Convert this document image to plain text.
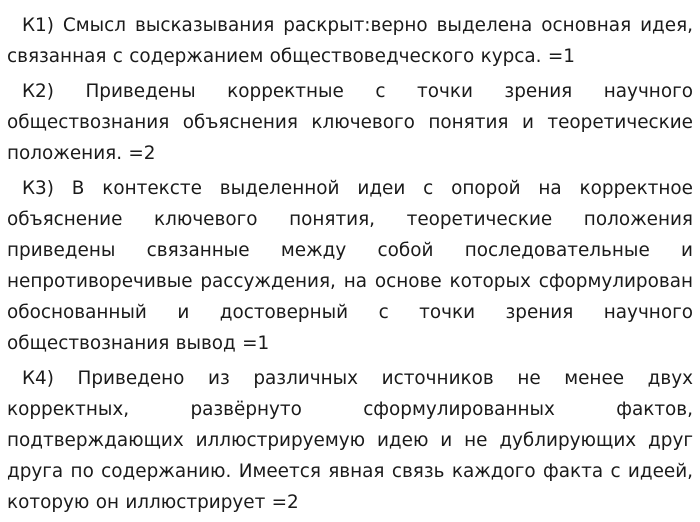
К1) Смысл высказывания раскрыт:верно выделена основная идея, связанная с содержанием обществоведческого курса. =1

К2) Приведены корректные с точки зрения научного обществознания объяснения ключевого понятия и теоретические положения. =2

К3) В контексте выделенной идеи с опорой на корректное объяснение ключевого понятия, теоретические положения приведены связанные между собой последовательные и непротиворечивые рассуждения, на основе которых сформулирован обоснованный и достоверный с точки зрения научного обществознания вывод =1

К4) Приведено из различных источников не менее двух корректных, развёрнуто сформулированных фактов, подтверждающих иллюстрируемую идею и не дублирующих друг друга по содержанию. Имеется явная связь каждого факта с идеей, которую он иллюстрирует =2
